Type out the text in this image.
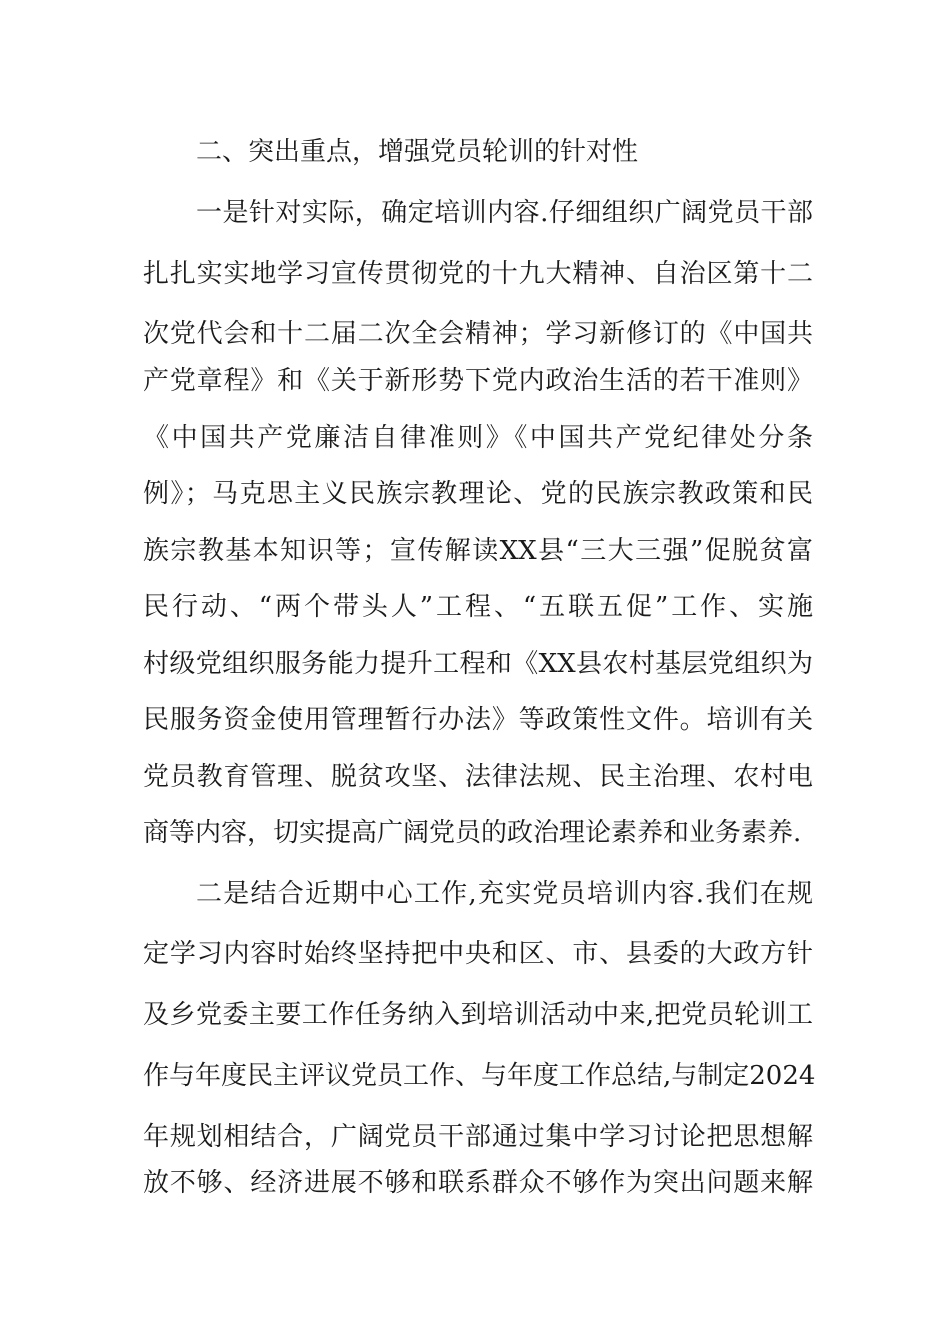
二、突出重点，增强党员轮训的针对性
一是针对实际，确定培训内容.仔细组织广阔党员干部
扎扎实实地学习宣传贯彻党的十九大精神、自治区第十二
次党代会和十二届二次全会精神；学习新修订的《中国共
产党章程》和《关于新形势下党内政治生活的若干准则》
《中国共产党廉洁自律准则》《中国共产党纪律处分条
例》；马克思主义民族宗教理论、党的民族宗教政策和民
族宗教基本知识等；宣传解读XX县“三大三强”促脱贫富
民行动、“两个带头人”工程、“五联五促”工作、实施
村级党组织服务能力提升工程和《XX县农村基层党组织为
民服务资金使用管理暂行办法》等政策性文件。培训有关
党员教育管理、脱贫攻坚、法律法规、民主治理、农村电
商等内容，切实提高广阔党员的政治理论素养和业务素养.
二是结合近期中心工作,充实党员培训内容.我们在规
定学习内容时始终坚持把中央和区、市、县委的大政方针
及乡党委主要工作任务纳入到培训活动中来,把党员轮训工
作与年度民主评议党员工作、与年度工作总结,与制定2024
年规划相结合，广阔党员干部通过集中学习讨论把思想解
放不够、经济进展不够和联系群众不够作为突出问题来解
